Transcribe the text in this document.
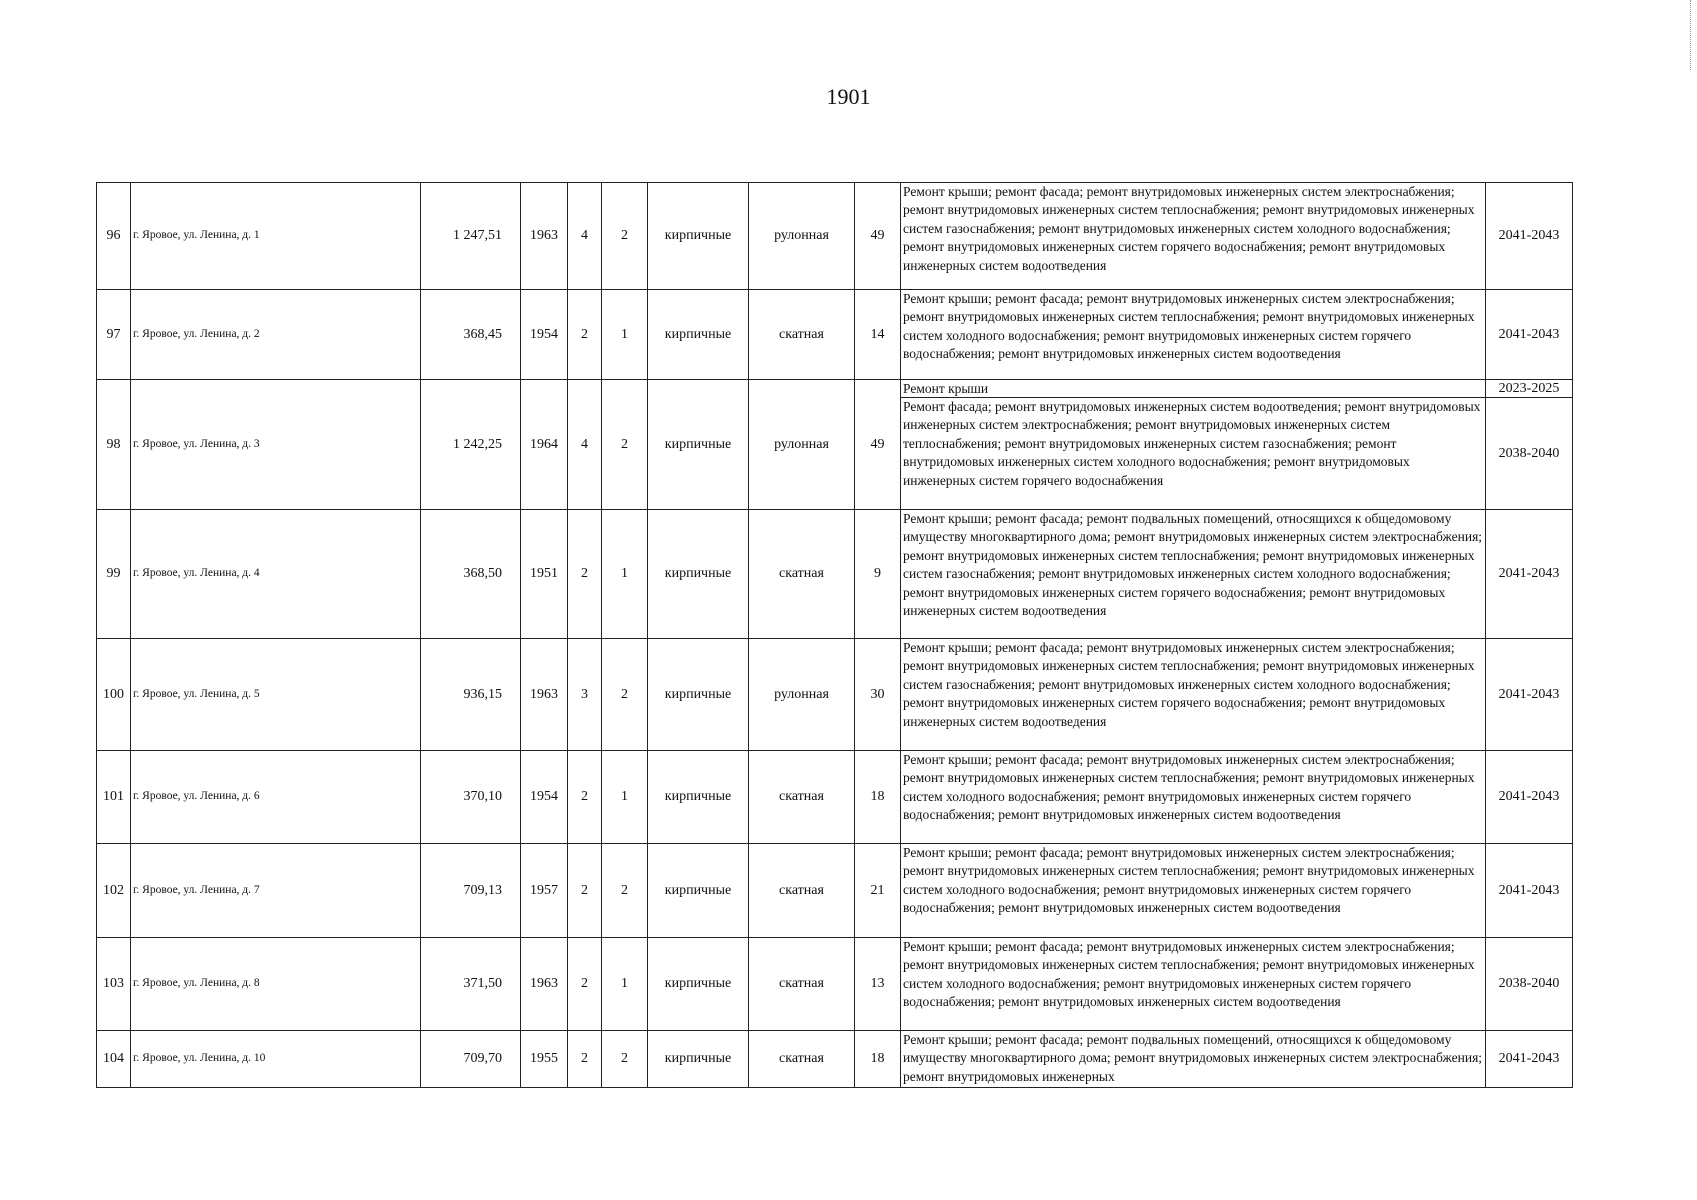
1901
96	г. Яровое, ул. Ленина, д. 1	1 247,51	1963	4	2	кирпичные	рулонная	49	Ремонт крыши; ремонт фасада; ремонт внутридомовых инженерных систем электроснабжения; ремонт внутридомовых инженерных систем теплоснабжения; ремонт внутридомовых инженерных систем газоснабжения; ремонт внутридомовых инженерных систем холодного водоснабжения; ремонт внутридомовых инженерных систем горячего водоснабжения; ремонт внутридомовых инженерных систем водоотведения	2041-2043
97	г. Яровое, ул. Ленина, д. 2	368,45	1954	2	1	кирпичные	скатная	14	Ремонт крыши; ремонт фасада; ремонт внутридомовых инженерных систем электроснабжения; ремонт внутридомовых инженерных систем теплоснабжения; ремонт внутридомовых инженерных систем холодного водоснабжения; ремонт внутридомовых инженерных систем горячего водоснабжения; ремонт внутридомовых инженерных систем водоотведения	2041-2043
98	г. Яровое, ул. Ленина, д. 3	1 242,25	1964	4	2	кирпичные	рулонная	49	Ремонт крыши	2023-2025
									Ремонт фасада; ремонт внутридомовых инженерных систем водоотведения; ремонт внутридомовых инженерных систем электроснабжения; ремонт внутридомовых инженерных систем теплоснабжения; ремонт внутридомовых инженерных систем газоснабжения; ремонт внутридомовых инженерных систем холодного водоснабжения; ремонт внутридомовых инженерных систем горячего водоснабжения	2038-2040
99	г. Яровое, ул. Ленина, д. 4	368,50	1951	2	1	кирпичные	скатная	9	Ремонт крыши; ремонт фасада; ремонт подвальных помещений, относящихся к общедомовому имуществу многоквартирного дома; ремонт внутридомовых инженерных систем электроснабжения; ремонт внутридомовых инженерных систем теплоснабжения; ремонт внутридомовых инженерных систем газоснабжения; ремонт внутридомовых инженерных систем холодного водоснабжения; ремонт внутридомовых инженерных систем горячего водоснабжения; ремонт внутридомовых инженерных систем водоотведения	2041-2043
100	г. Яровое, ул. Ленина, д. 5	936,15	1963	3	2	кирпичные	рулонная	30	Ремонт крыши; ремонт фасада; ремонт внутридомовых инженерных систем электроснабжения; ремонт внутридомовых инженерных систем теплоснабжения; ремонт внутридомовых инженерных систем газоснабжения; ремонт внутридомовых инженерных систем холодного водоснабжения; ремонт внутридомовых инженерных систем горячего водоснабжения; ремонт внутридомовых инженерных систем водоотведения	2041-2043
101	г. Яровое, ул. Ленина, д. 6	370,10	1954	2	1	кирпичные	скатная	18	Ремонт крыши; ремонт фасада; ремонт внутридомовых инженерных систем электроснабжения; ремонт внутридомовых инженерных систем теплоснабжения; ремонт внутридомовых инженерных систем холодного водоснабжения; ремонт внутридомовых инженерных систем горячего водоснабжения; ремонт внутридомовых инженерных систем водоотведения	2041-2043
102	г. Яровое, ул. Ленина, д. 7	709,13	1957	2	2	кирпичные	скатная	21	Ремонт крыши; ремонт фасада; ремонт внутридомовых инженерных систем электроснабжения; ремонт внутридомовых инженерных систем теплоснабжения; ремонт внутридомовых инженерных систем холодного водоснабжения; ремонт внутридомовых инженерных систем горячего водоснабжения; ремонт внутридомовых инженерных систем водоотведения	2041-2043
103	г. Яровое, ул. Ленина, д. 8	371,50	1963	2	1	кирпичные	скатная	13	Ремонт крыши; ремонт фасада; ремонт внутридомовых инженерных систем электроснабжения; ремонт внутридомовых инженерных систем теплоснабжения; ремонт внутридомовых инженерных систем холодного водоснабжения; ремонт внутридомовых инженерных систем горячего водоснабжения; ремонт внутридомовых инженерных систем водоотведения	2038-2040
104	г. Яровое, ул. Ленина, д. 10	709,70	1955	2	2	кирпичные	скатная	18	Ремонт крыши; ремонт фасада; ремонт подвальных помещений, относящихся к общедомовому имуществу многоквартирного дома; ремонт внутридомовых инженерных систем электроснабжения; ремонт внутридомовых инженерных	2041-2043
